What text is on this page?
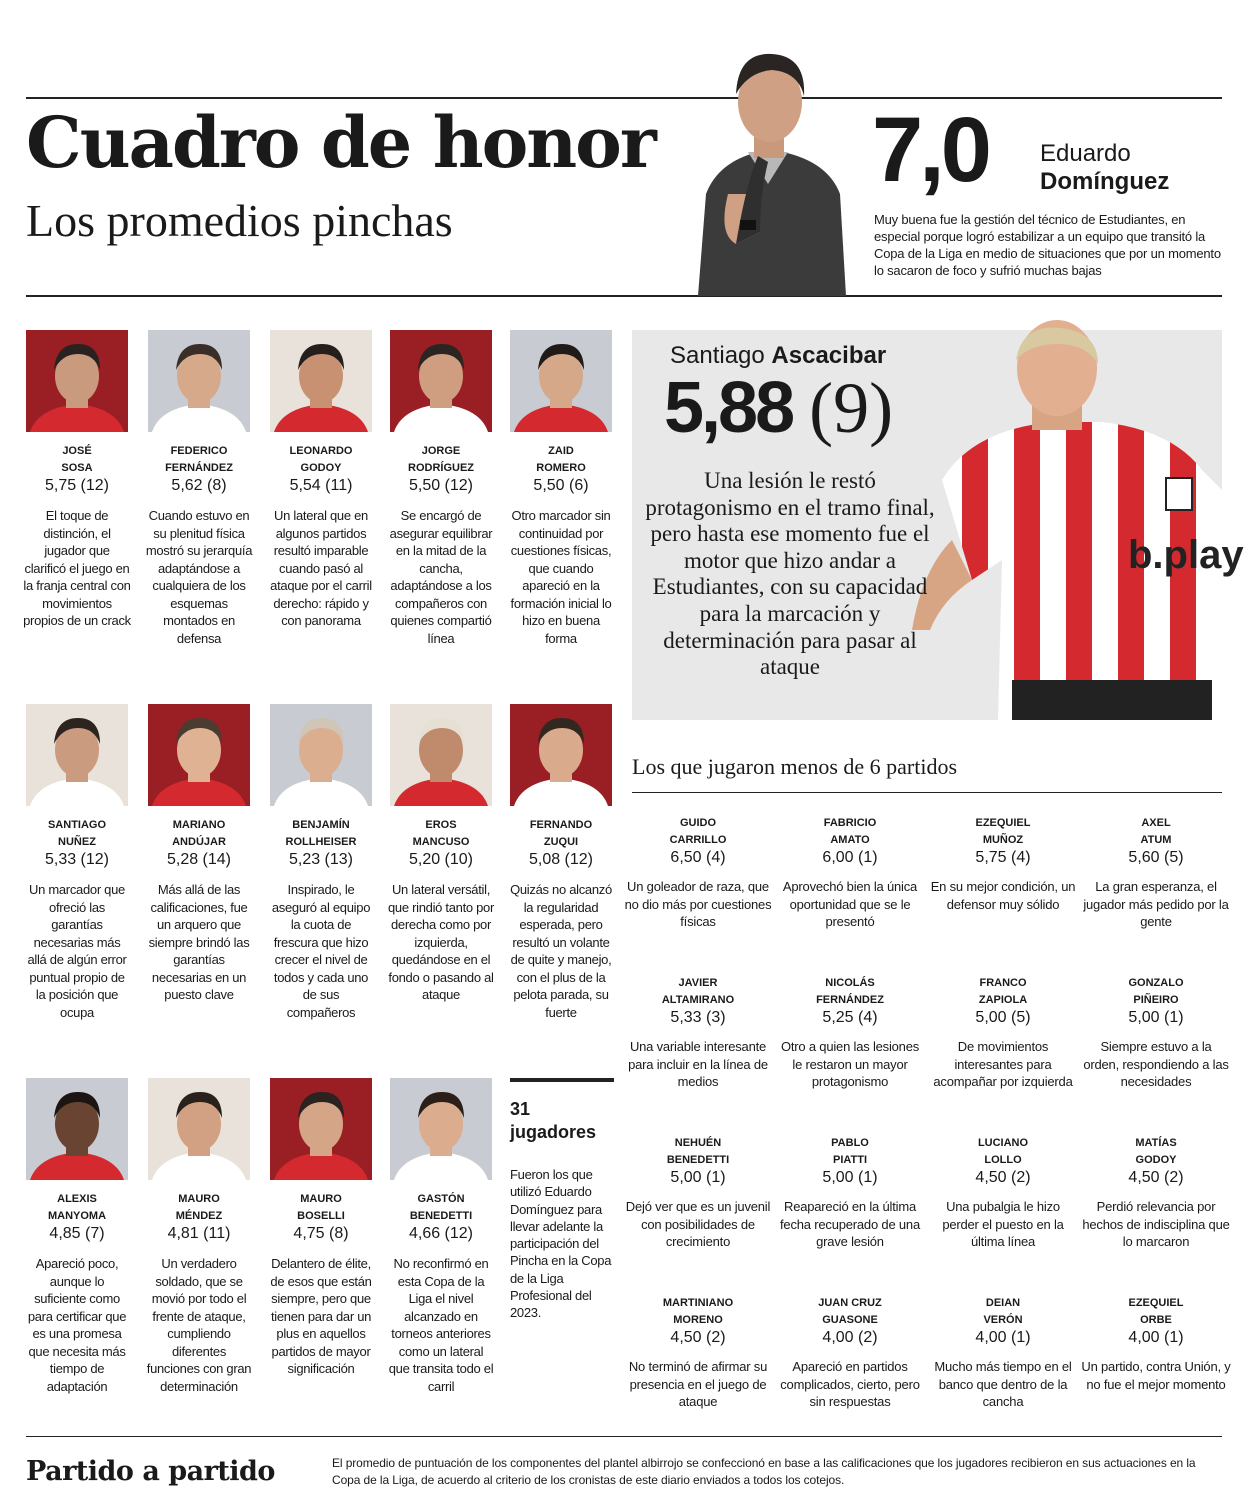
Cuadro de honor
Los promedios pinchas
7,0 Eduardo
Domínguez

Muy buena fue la gestión del técnico de Estudiantes, en especial porque logró estabilizar a un equipo que transitó la Copa de la Liga en medio de situaciones que por un momento lo sacaron de foco y sufrió muchas bajas

JOSÉ
SOSA
5,75 (12)

El toque de distinción, el jugador que clarificó el juego en la franja central con movimientos propios de un crack

FEDERICO
FERNÁNDEZ
5,62 (8)

Cuando estuvo en su plenitud física mostró su jerarquía adaptándose a cualquiera de los esquemas montados en defensa

LEONARDO
GODOY
5,54 (11)

Un lateral que en algunos partidos resultó imparable cuando pasó al ataque por el carril derecho: rápido y con panorama

JORGE
RODRÍGUEZ
5,50 (12)

Se encargó de asegurar equilibrar en la mitad de la cancha, adaptándose a los compañeros con quienes compartió línea

ZAID
ROMERO
5,50 (6)

Otro marcador sin continuidad por cuestiones físicas, que cuando apareció en la formación inicial lo hizo en buena forma

SANTIAGO
NUÑEZ
5,33 (12)

Un marcador que ofreció las garantías necesarias más allá de algún error puntual propio de la posición que ocupa

MARIANO
ANDÚJAR
5,28 (14)

Más allá de las calificaciones, fue un arquero que siempre brindó las garantías necesarias en un puesto clave

BENJAMÍN
ROLLHEISER
5,23 (13)

Inspirado, le aseguró al equipo la cuota de frescura que hizo crecer el nivel de todos y cada uno de sus compañeros

EROS
MANCUSO
5,20 (10)

Un lateral versátil, que rindió tanto por derecha como por izquierda, quedándose en el fondo o pasando al ataque

FERNANDO
ZUQUI
5,08 (12)

Quizás no alcanzó la regularidad esperada, pero resultó un volante de quite y manejo, con el plus de la pelota parada, su fuerte

ALEXIS
MANYOMA
4,85 (7)

Apareció poco, aunque lo suficiente como para certificar que es una promesa que necesita más tiempo de adaptación

MAURO
MÉNDEZ
4,81 (11)

Un verdadero soldado, que se movió por todo el frente de ataque, cumpliendo diferentes funciones con gran determinación

MAURO
BOSELLI
4,75 (8)

Delantero de élite, de esos que están siempre, pero que tienen para dar un plus en aquellos partidos de mayor significación

GASTÓN
BENEDETTI
4,66 (12)

No reconfirmó en esta Copa de la Liga el nivel alcanzado en torneos anteriores como un lateral que transita todo el carril

b.play
Santiago Ascacibar
5,88 (9)

Una lesión le restó protagonismo en el tramo final, pero hasta ese momento fue el motor que hizo andar a Estudiantes, con su capacidad para la marcación y determinación para pasar al ataque

Los que jugaron menos de 6 partidos
GUIDO
CARRILLO
6,50 (4)

Un goleador de raza, que no dio más por cuestiones físicas

FABRICIO
AMATO
6,00 (1)

Aprovechó bien la única oportunidad que se le presentó

EZEQUIEL
MUÑOZ
5,75 (4)

En su mejor condición, un defensor muy sólido

AXEL
ATUM
5,60 (5)

La gran esperanza, el jugador más pedido por la gente

JAVIER
ALTAMIRANO
5,33 (3)

Una variable interesante para incluir en la línea de medios

NICOLÁS
FERNÁNDEZ
5,25 (4)

Otro a quien las lesiones le restaron un mayor protagonismo

FRANCO
ZAPIOLA
5,00 (5)

De movimientos interesantes para acompañar por izquierda

GONZALO
PIÑEIRO
5,00 (1)

Siempre estuvo a la orden, respondiendo a las necesidades

NEHUÉN
BENEDETTI
5,00 (1)

Dejó ver que es un juvenil con posibilidades de crecimiento

PABLO
PIATTI
5,00 (1)

Reapareció en la última fecha recuperado de una grave lesión

LUCIANO
LOLLO
4,50 (2)

Una pubalgia le hizo perder el puesto en la última línea

MATÍAS
GODOY
4,50 (2)

Perdió relevancia por hechos de indisciplina que lo marcaron

MARTINIANO
MORENO
4,50 (2)

No terminó de afirmar su presencia en el juego de ataque

JUAN CRUZ
GUASONE
4,00 (2)

Apareció en partidos complicados, cierto, pero sin respuestas

DEIAN
VERÓN
4,00 (1)

Mucho más tiempo en el banco que dentro de la cancha

EZEQUIEL
ORBE
4,00 (1)

Un partido, contra Unión, y no fue el mejor momento

31 jugadores

Fueron los que utilizó Eduardo Domínguez para llevar adelante la participación del Pincha en la Copa de la Liga Profesional del 2023.

Partido a partido	El promedio de puntuación de los componentes del plantel albirrojo se confeccionó en base a las calificaciones que los jugadores recibieron en sus actuaciones en la Copa de la Liga, de acuerdo al criterio de los cronistas de este diario enviados a todos los cotejos.
